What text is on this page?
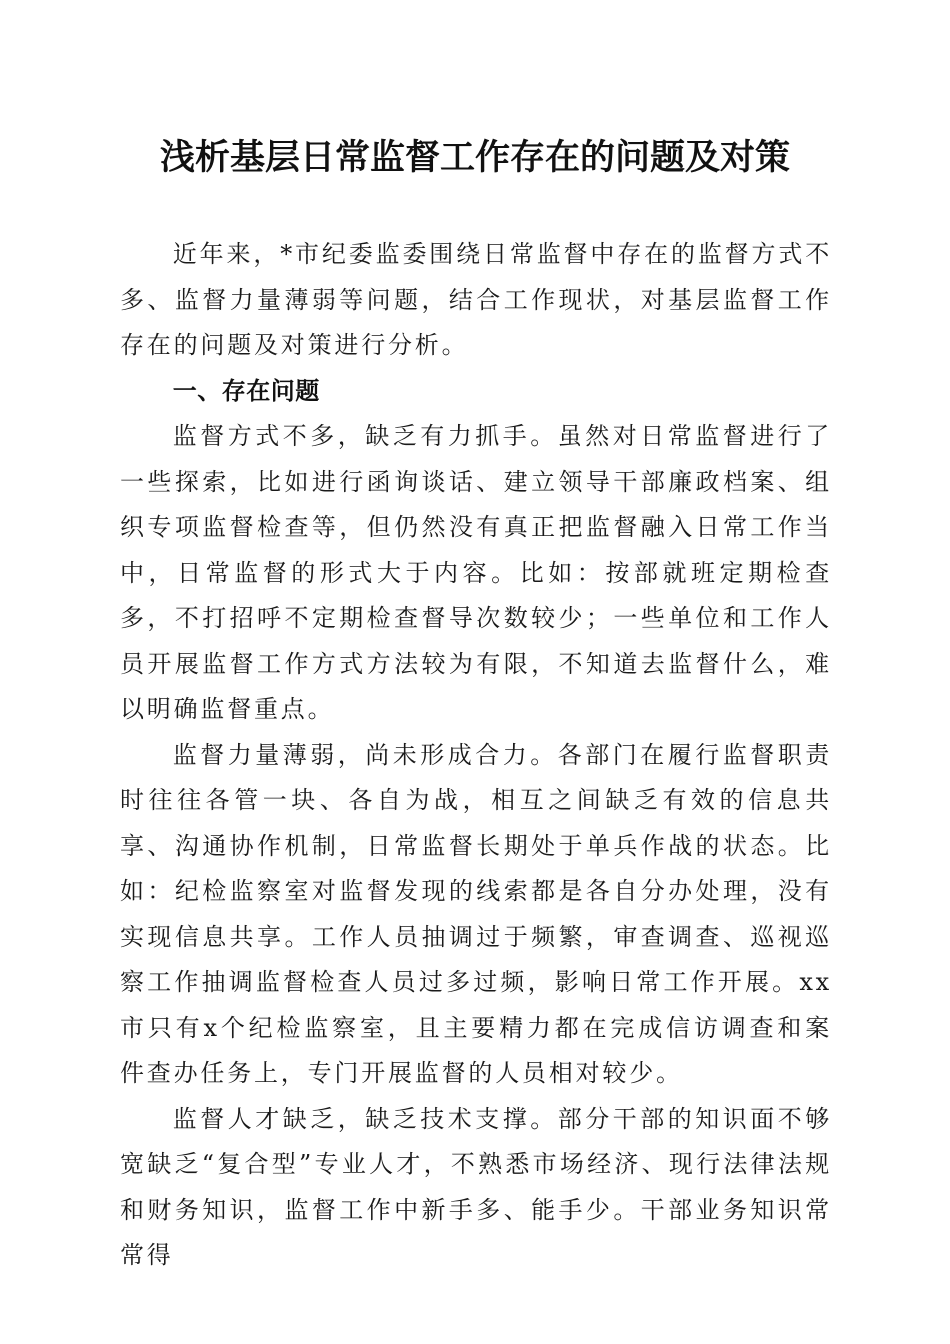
浅析基层日常监督工作存在的问题及对策

近年来，*市纪委监委围绕日常监督中存在的监督方式不多、监督力量薄弱等问题，结合工作现状，对基层监督工作存在的问题及对策进行分析。

一、存在问题

监督方式不多，缺乏有力抓手。虽然对日常监督进行了一些探索，比如进行函询谈话、建立领导干部廉政档案、组织专项监督检查等，但仍然没有真正把监督融入日常工作当中，日常监督的形式大于内容。比如：按部就班定期检查多，不打招呼不定期检查督导次数较少；一些单位和工作人员开展监督工作方式方法较为有限，不知道去监督什么，难以明确监督重点。

监督力量薄弱，尚未形成合力。各部门在履行监督职责时往往各管一块、各自为战，相互之间缺乏有效的信息共享、沟通协作机制，日常监督长期处于单兵作战的状态。比如：纪检监察室对监督发现的线索都是各自分办处理，没有实现信息共享。工作人员抽调过于频繁，审查调查、巡视巡察工作抽调监督检查人员过多过频，影响日常工作开展。xx市只有x个纪检监察室，且主要精力都在完成信访调查和案件查办任务上，专门开展监督的人员相对较少。

监督人才缺乏，缺乏技术支撑。部分干部的知识面不够宽缺乏“复合型”专业人才，不熟悉市场经济、现行法律法规和财务知识，监督工作中新手多、能手少。干部业务知识常常得
